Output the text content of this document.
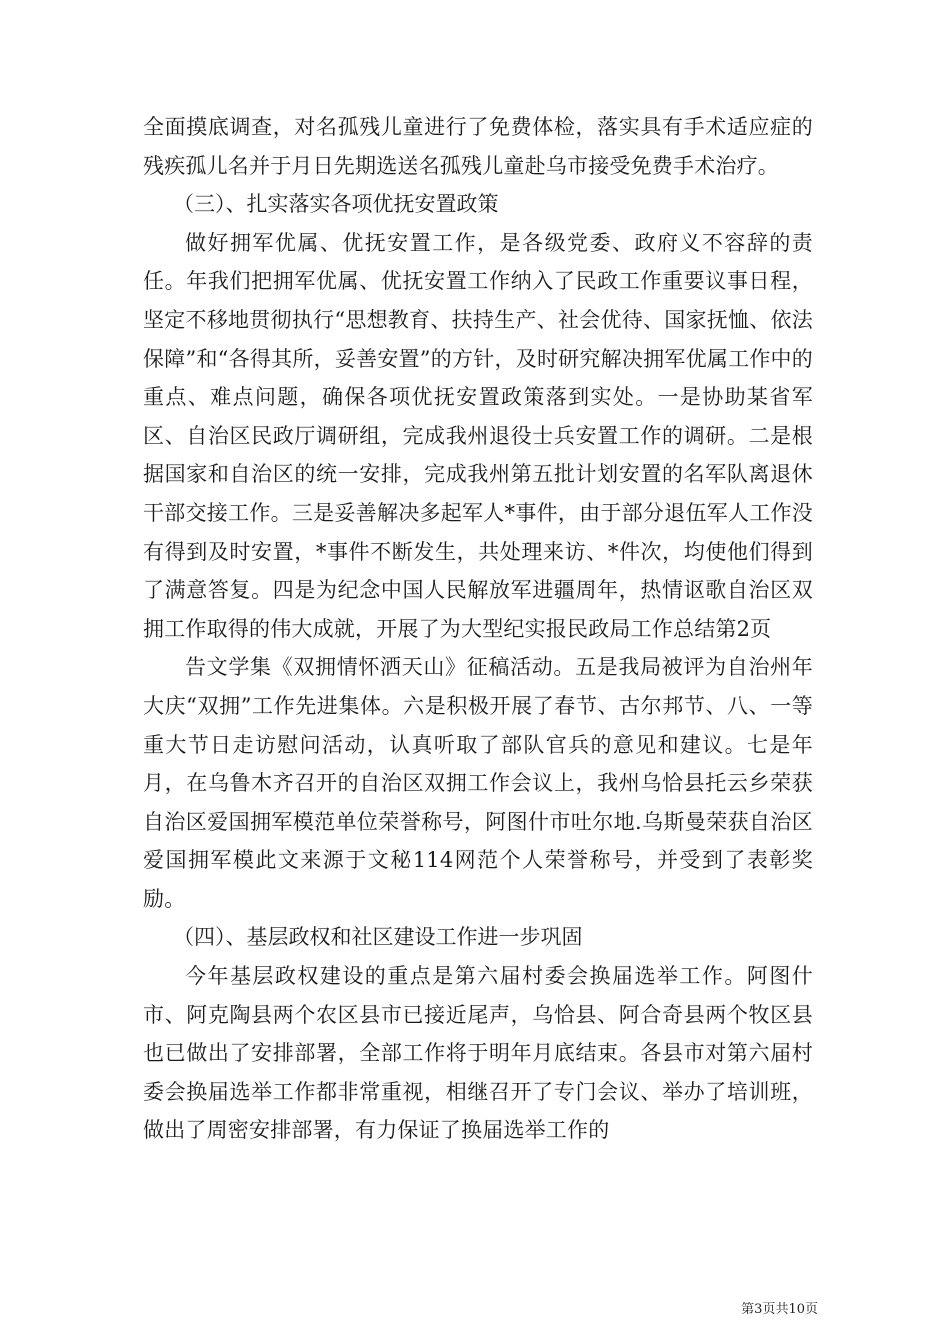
全面摸底调查，对名孤残儿童进行了免费体检，落实具有手术适应症的残疾孤儿名并于月日先期选送名孤残儿童赴乌市接受免费手术治疗。

（三）、扎实落实各项优抚安置政策

做好拥军优属、优抚安置工作，是各级党委、政府义不容辞的责任。年我们把拥军优属、优抚安置工作纳入了民政工作重要议事日程，坚定不移地贯彻执行“思想教育、扶持生产、社会优待、国家抚恤、依法保障”和“各得其所，妥善安置”的方针，及时研究解决拥军优属工作中的重点、难点问题，确保各项优抚安置政策落到实处。一是协助某省军区、自治区民政厅调研组，完成我州退役士兵安置工作的调研。二是根据国家和自治区的统一安排，完成我州第五批计划安置的名军队离退休干部交接工作。三是妥善解决多起军人*事件，由于部分退伍军人工作没有得到及时安置，*事件不断发生，共处理来访、*件次，均使他们得到了满意答复。四是为纪念中国人民解放军进疆周年，热情讴歌自治区双拥工作取得的伟大成就，开展了为大型纪实报民政局工作总结第2页

告文学集《双拥情怀洒天山》征稿活动。五是我局被评为自治州年大庆“双拥”工作先进集体。六是积极开展了春节、古尔邦节、八、一等重大节日走访慰问活动，认真听取了部队官兵的意见和建议。七是年月，在乌鲁木齐召开的自治区双拥工作会议上，我州乌恰县托云乡荣获自治区爱国拥军模范单位荣誉称号，阿图什市吐尔地.乌斯曼荣获自治区爱国拥军模此文来源于文秘114网范个人荣誉称号，并受到了表彰奖励。

（四）、基层政权和社区建设工作进一步巩固

今年基层政权建设的重点是第六届村委会换届选举工作。阿图什市、阿克陶县两个农区县市已接近尾声，乌恰县、阿合奇县两个牧区县也已做出了安排部署，全部工作将于明年月底结束。各县市对第六届村委会换届选举工作都非常重视，相继召开了专门会议、举办了培训班，做出了周密安排部署，有力保证了换届选举工作的

第3页共10页
